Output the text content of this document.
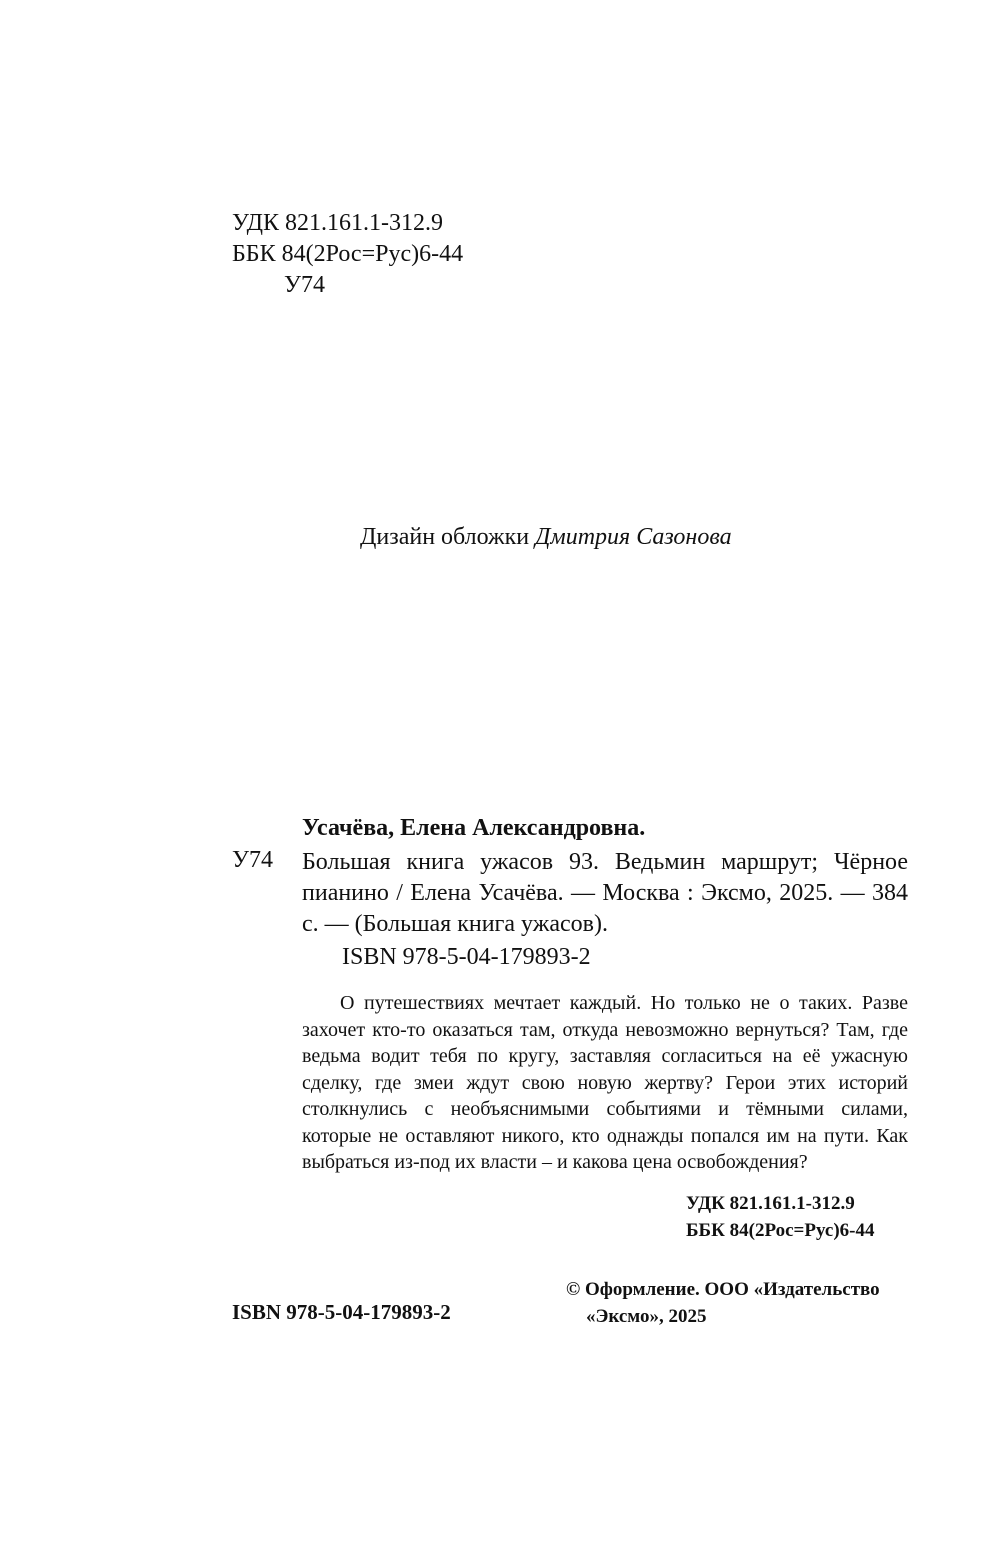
УДК 821.161.1-312.9
ББК 84(2Рос=Рус)6-44
У74
Дизайн обложки Дмитрия Сазонова
Усачёва, Елена Александровна.
У74 Большая книга ужасов 93. Ведьмин маршрут; Чёрное пианино / Елена Усачёва. — Москва : Эксмо, 2025. — 384 с. — (Большая книга ужасов).
ISBN 978-5-04-179893-2
О путешествиях мечтает каждый. Но только не о таких. Разве захочет кто-то оказаться там, откуда невозможно вернуться? Там, где ведьма водит тебя по кругу, заставляя согласиться на её ужасную сделку, где змеи ждут свою новую жертву? Герои этих историй столкнулись с необъяснимыми событиями и тёмными силами, которые не оставляют никого, кто однажды попался им на пути. Как выбраться из-под их власти – и какова цена освобождения?
УДК 821.161.1-312.9
ББК 84(2Рос=Рус)6-44
© Оформление. ООО «Издательство
«Эксмо», 2025
ISBN 978-5-04-179893-2
